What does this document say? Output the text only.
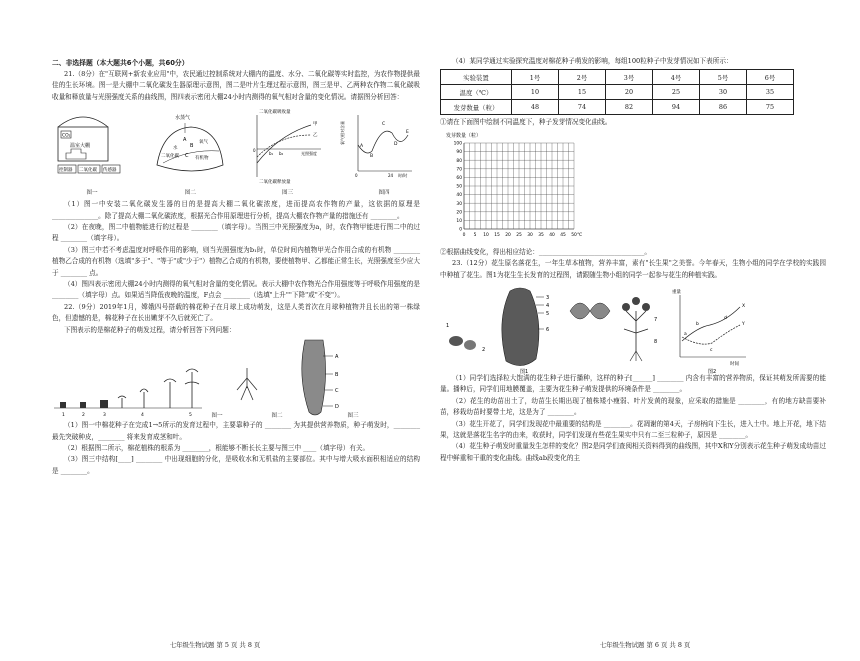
二、非选择题（本大题共6个小题，共60分）

21.（8分）在"互联网+新农业应用"中，农民通过控制系统对大棚内的温度、水分、二氧化碳等实时监控，为农作物提供最佳的生长环境。图一是大棚中二氧化碳发生器原理示意图，图二是叶片生理过程示意图，图三是甲、乙两种农作物二氧化碳吸收量和释放量与光照强度关系的曲线图，图四表示密闭大棚24小时内测得的氧气相对含量的变化情况。请据图分析回答：

CO₂
温室大棚
控制器 二氧化碳 传感器
图一
水蒸气
A
B
C
水
氧气
二氧化碳	有机物
图二
二氧化碳吸收量
甲
乙
b₁ b₂	光照强度
0
二氧化碳释放量
图三
氧气相对含量
A
B
C
D
E
0	24 时/时
图四

（1）图一中安装二氧化碳发生器的目的是提高大棚二氧化碳浓度，进而提高农作物的产量，这依据的原理是 ______________。除了提高大棚二氧化碳浓度，根据光合作用原理进行分析，提高大棚农作物产量的措施还有 ________。

（2）在夜晚，图二中植物能进行的过程是 ________（填字母）。当图三中光照强度为a，时，农作物甲能进行图二中的过程 ________（填字母）。

（3）图三中若不考虑温度对呼吸作用的影响，则当光照强度为b₁时，单位时间内植物甲光合作用合成的有机物 ________ 植物乙合成的有机物（选填"多于"、"等于"或"少于"）植物乙合成的有机物，要使植物甲、乙都能正常生长，光照强度至少应大于 ________ 点。

（4）图四表示密闭大棚24小时内测得的氧气相对含量的变化情况。表示大棚中农作物光合作用强度等于呼吸作用强度的是 ________（填字母）点。如果适当降低夜晚的温度，F点会 ________（选填"上升""下降"或"不变"）。

22.（9分）2019年1月，嫦娥四号搭载的棉花种子在月球上成功萌发，这是人类首次在月球种植物并且长出的第一株绿色，但遗憾的是，棉花种子在长出嫩芽不久后就死亡了。

下图表示的是棉花种子的萌发过程，请分析回答下列问题：

1	2	3	4	5	图一	图二
A
B
C
D
图三

（1）图一中棉花种子在完成1→5所示的发育过程中，主要靠种子的 ________ 为其提供营养物质，种子萌发时，________ 最先突破种皮，________ 将来发育成茎和叶。

（2）根据图二所示，棉花植株的根系为 ________，根能够不断长长主要与图三中 ____（填字母）有关。

（3）图三中结构[____] ________ 中出现细胞的分化，是吸收水和无机盐的主要部位。其中与增大吸水面积相适应的结构是 ________。

七年级生物试题 第 5 页 共 8 页

（4）某同学通过实验探究温度对棉花种子萌发的影响，每组100粒种子中发芽情况如下表所示：

实验装置	1号	2号	3号	4号	5号	6号
温度（℃）	10	15	20	25	30	35
发芽数量（粒）	48	74	82	94	86	75

①请在下面图中绘制不同温度下，种子发芽情况变化曲线。

发芽数量（粒）
0
10
20
30
40
50
60
70
80
90
100
0 5 10 15 20 25 30 35 40 45 50 ℃

②根据曲线变化，得出相应结论：________________________________。

23.（12分）花生原名落花生，一年生草本植物，营养丰富，素有"长生果"之美誉。今年春天，生物小组的同学在学校的实践园中种植了花生。图1为花生生长发育的过程图，请跟随生物小组的同学一起参与花生的种植实践。

1
2
3
4
5
6
7
8
重量
时间
a
b
c
d
X
Y
图1	图2

（1）同学们选择粒大饱满的花生种子进行播种，这样的种子[______] ________ 内含有丰富的营养物质，保证其萌发所需要的能量。播种后，同学们用地膜覆盖，主要为花生种子萌发提供的环境条件是 ________。

（2）花生的幼苗出土了，幼苗生长期出现了植株矮小瘦弱、叶片发黄的现象，应采取的措施是 ________，有的地方缺苗要补苗，移栽幼苗时要带土坨，这是为了 ________。

（3）花生开花了，同学们发现花中最重要的结构是 ________。花凋谢的第4天，子房柄向下生长，进入土中。地上开花，地下结果，这就是落花生名字的由来，收获时，同学们发现有些花生果实中只有二至三粒种子，原因是 ________。

（4）花生种子萌发时重量发生怎样的变化？图2是同学们查阅相关资料得到的曲线图，其中X和Y分别表示花生种子萌发成幼苗过程中鲜重和干重的变化曲线。曲线ab段变化的主

七年级生物试题 第 6 页 共 8 页
